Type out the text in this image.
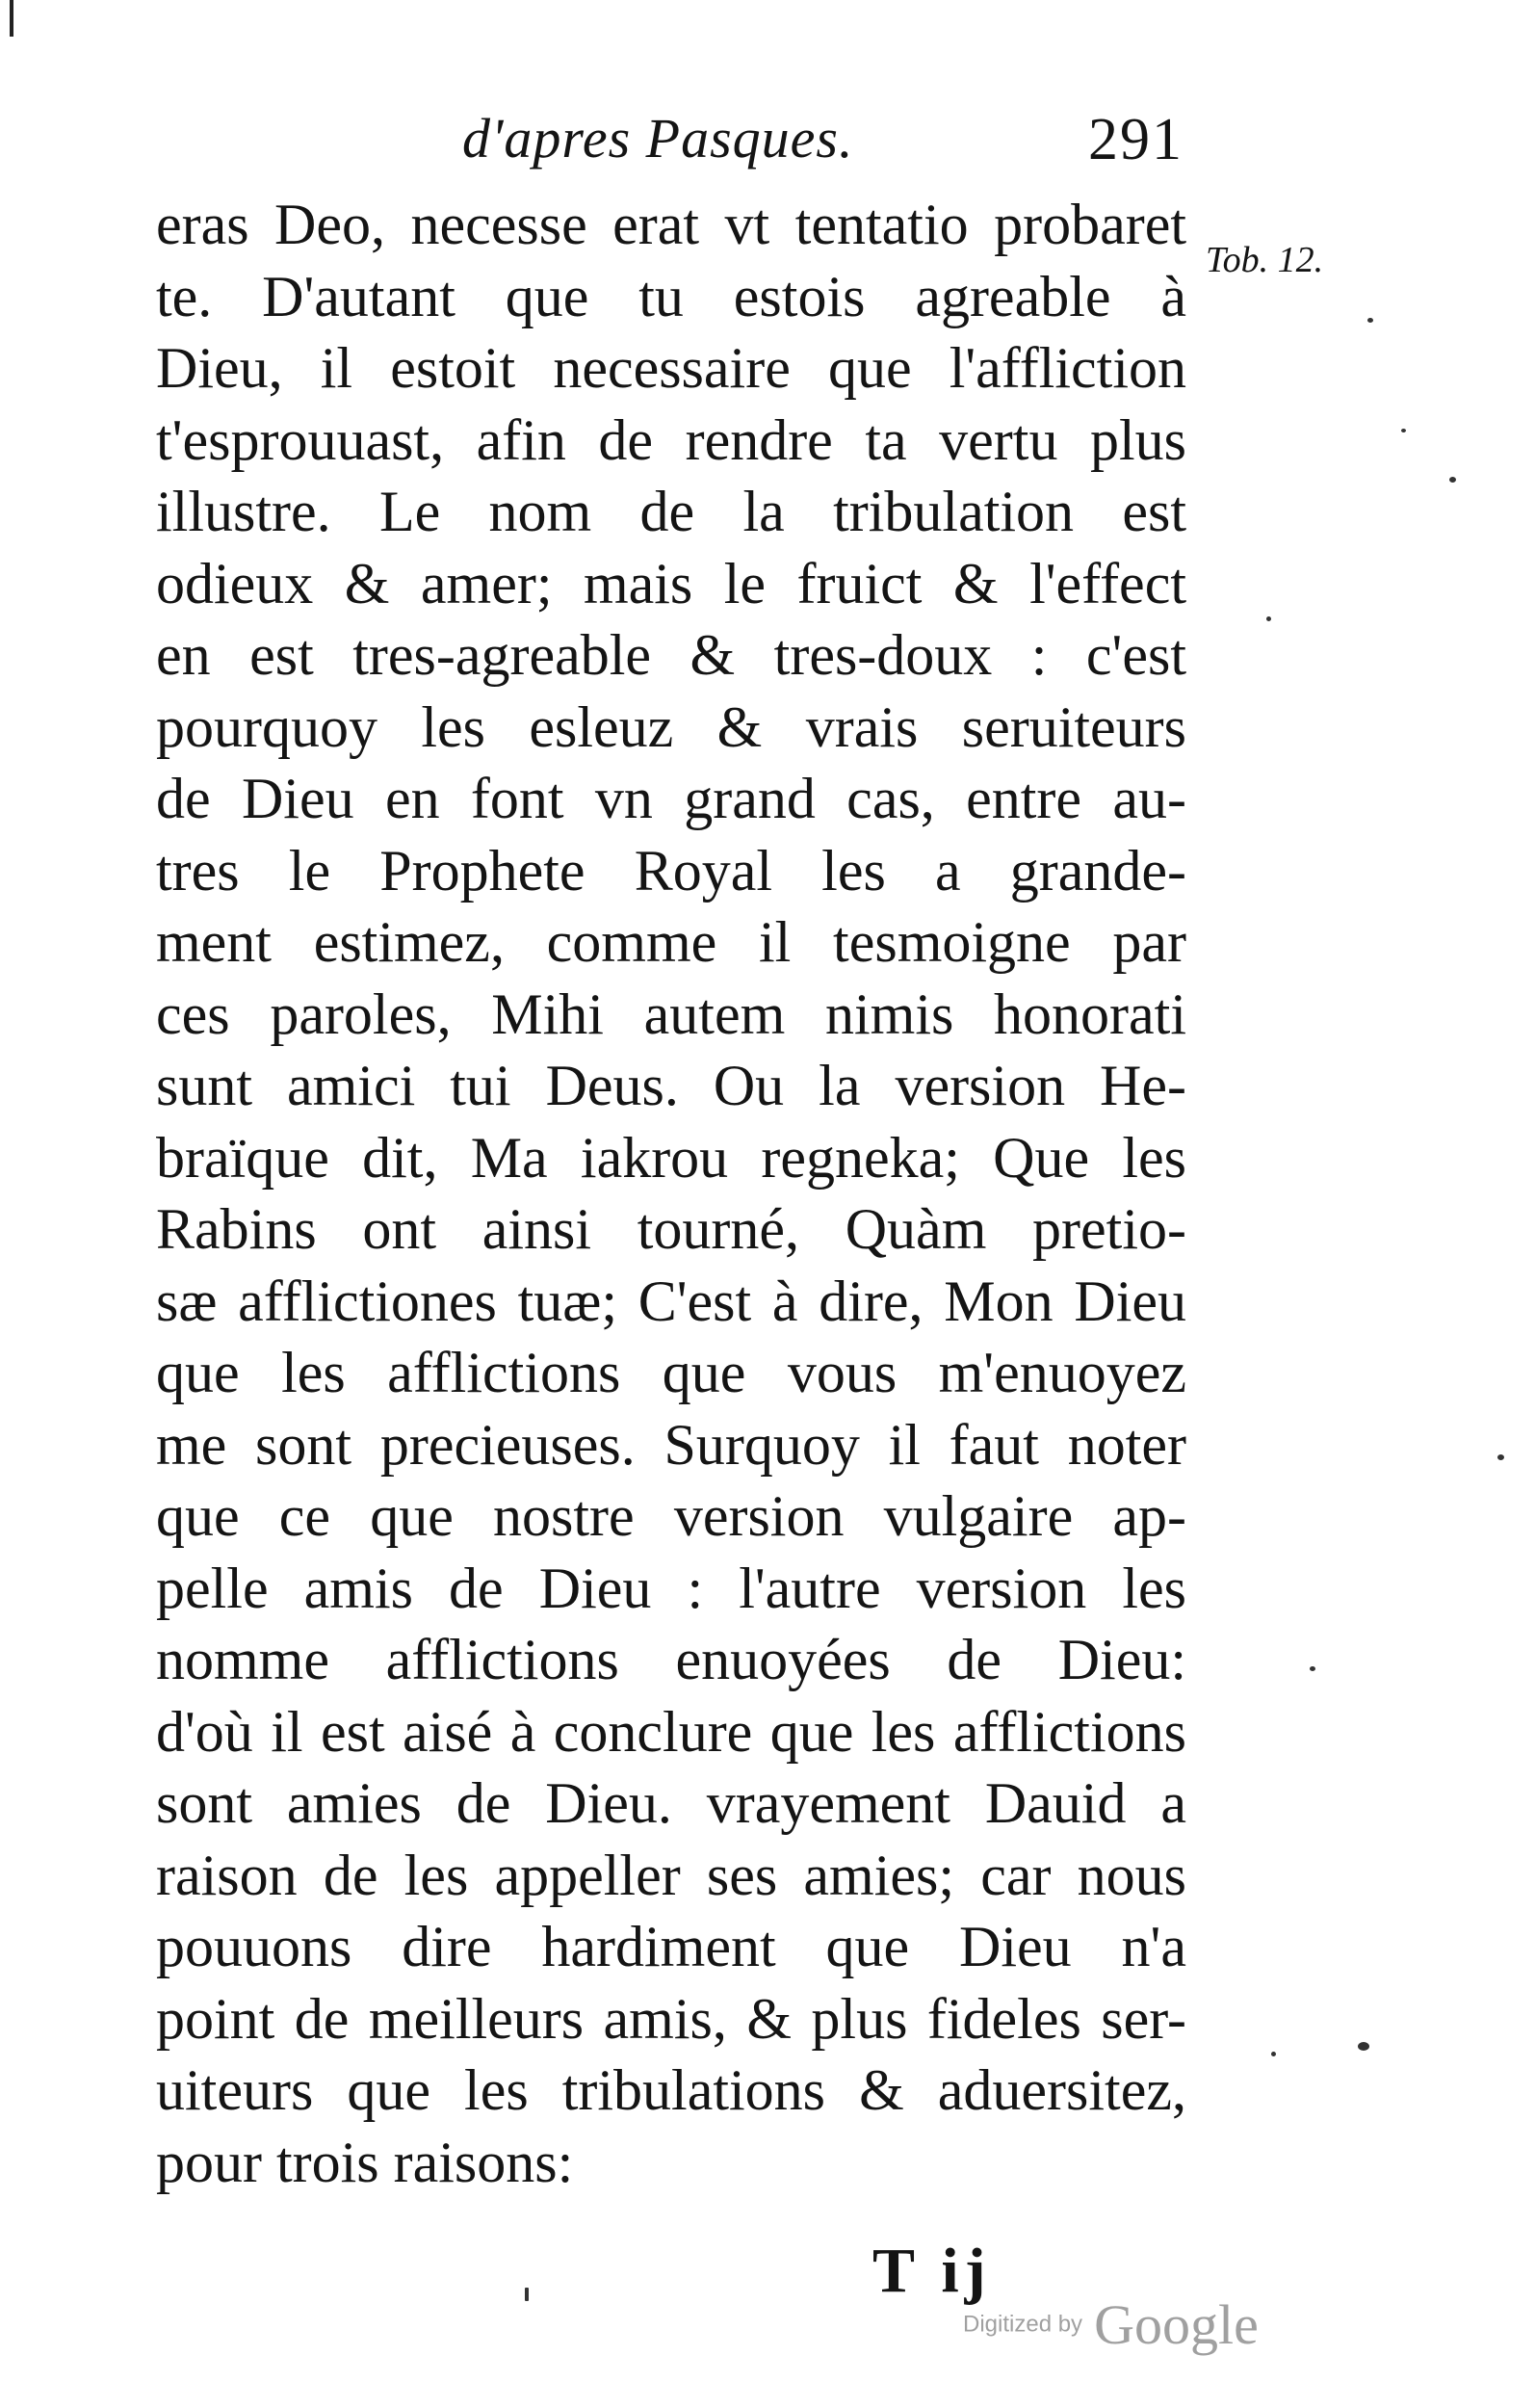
d'apres Pasques.	291
Tob. 12.
eras Deo, necesse erat vt tentatio probaret
te. D'autant que tu estois agreable à
Dieu, il estoit necessaire que l'affliction
t'esprouuast, afin de rendre ta vertu plus
illustre. Le nom de la tribulation est
odieux & amer; mais le fruict & l'effect
en est tres-agreable & tres-doux : c'est
pourquoy les esleuz & vrais seruiteurs
de Dieu en font vn grand cas, entre au-
tres le Prophete Royal les a grande-
ment estimez, comme il tesmoigne par
ces paroles, Mihi autem nimis honorati
sunt amici tui Deus. Ou la version He-
braïque dit, Ma iakrou regneka; Que les
Rabins ont ainsi tourné, Quàm pretio-
sæ afflictiones tuæ; C'est à dire, Mon Dieu
que les afflictions que vous m'enuoyez
me sont precieuses. Surquoy il faut noter
que ce que nostre version vulgaire ap-
pelle amis de Dieu : l'autre version les
nomme afflictions enuoyées de Dieu:
d'où il est aisé à conclure que les afflictions
sont amies de Dieu. vrayement Dauid a
raison de les appeller ses amies; car nous
pouuons dire hardiment que Dieu n'a
point de meilleurs amis, & plus fideles ser-
uiteurs que les tribulations & aduersitez,
pour trois raisons:
T ij
Digitized by Google
